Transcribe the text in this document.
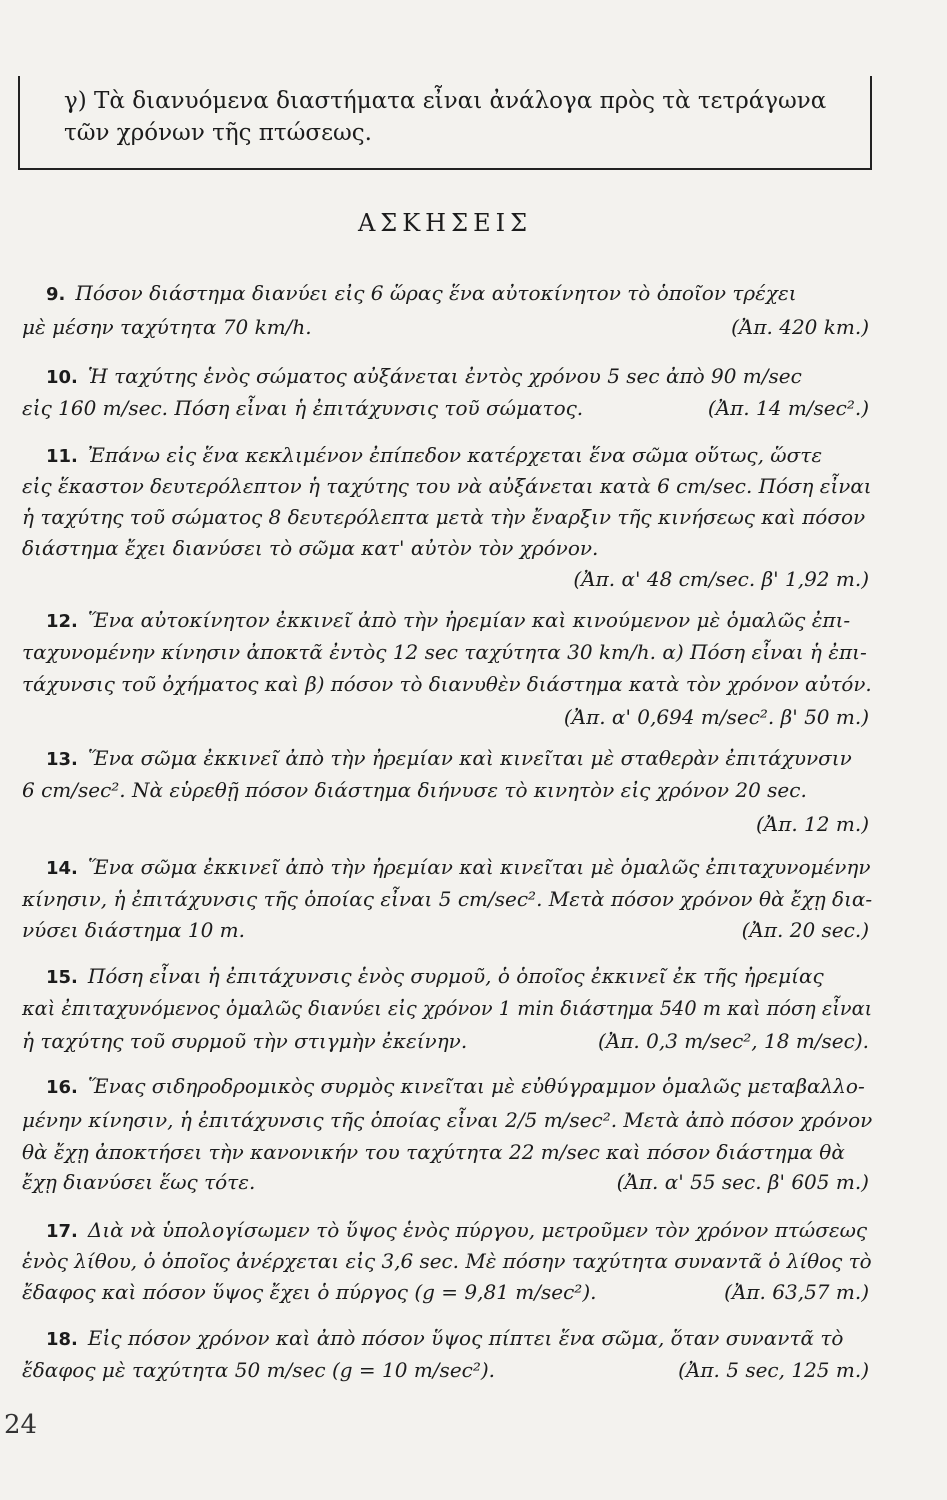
γ) Τὰ διανυόμενα διαστήματα εἶναι ἀνάλογα πρὸς τὰ τετράγωνα
τῶν χρόνων τῆς πτώσεως.
ΑΣΚΗΣΕΙΣ
9. Πόσον διάστημα διανύει εἰς 6 ὥρας ἕνα αὐτοκίνητον τὸ ὁποῖον τρέχει
μὲ μέσην ταχύτητα 70 km/h.	(Ἀπ. 420 km.)
10. Ἡ ταχύτης ἑνὸς σώματος αὐξάνεται ἐντὸς χρόνου 5 sec ἀπὸ 90 m/sec
εἰς 160 m/sec. Πόση εἶναι ἡ ἐπιτάχυνσις τοῦ σώματος.	(Ἀπ. 14 m/sec².)
11. Ἐπάνω εἰς ἕνα κεκλιμένον ἐπίπεδον κατέρχεται ἕνα σῶμα οὕτως, ὥστε
εἰς ἕκαστον δευτερόλεπτον ἡ ταχύτης του νὰ αὐξάνεται κατὰ 6 cm/sec. Πόση εἶναι
ἡ ταχύτης τοῦ σώματος 8 δευτερόλεπτα μετὰ τὴν ἔναρξιν τῆς κινήσεως καὶ πόσον
διάστημα ἔχει διανύσει τὸ σῶμα κατ' αὐτὸν τὸν χρόνον.
(Ἀπ. α' 48 cm/sec. β' 1,92 m.)
12. Ἕνα αὐτοκίνητον ἐκκινεῖ ἀπὸ τὴν ἠρεμίαν καὶ κινούμενον μὲ ὁμαλῶς ἐπι-
ταχυνομένην κίνησιν ἀποκτᾶ ἐντὸς 12 sec ταχύτητα 30 km/h. α) Πόση εἶναι ἡ ἐπι-
τάχυνσις τοῦ ὀχήματος καὶ β) πόσον τὸ διανυθὲν διάστημα κατὰ τὸν χρόνον αὐτόν.
(Ἀπ. α' 0,694 m/sec². β' 50 m.)
13. Ἕνα σῶμα ἐκκινεῖ ἀπὸ τὴν ἠρεμίαν καὶ κινεῖται μὲ σταθερὰν ἐπιτάχυνσιν
6 cm/sec². Νὰ εὑρεθῇ πόσον διάστημα διήνυσε τὸ κινητὸν εἰς χρόνον 20 sec.
(Ἀπ. 12 m.)
14. Ἕνα σῶμα ἐκκινεῖ ἀπὸ τὴν ἠρεμίαν καὶ κινεῖται μὲ ὁμαλῶς ἐπιταχυνομένην
κίνησιν, ἡ ἐπιτάχυνσις τῆς ὁποίας εἶναι 5 cm/sec². Μετὰ πόσον χρόνον θὰ ἔχῃ δια-
νύσει διάστημα 10 m.	(Ἀπ. 20 sec.)
15. Πόση εἶναι ἡ ἐπιτάχυνσις ἑνὸς συρμοῦ, ὁ ὁποῖος ἐκκινεῖ ἐκ τῆς ἠρεμίας
καὶ ἐπιταχυνόμενος ὁμαλῶς διανύει εἰς χρόνον 1 min διάστημα 540 m καὶ πόση εἶναι
ἡ ταχύτης τοῦ συρμοῦ τὴν στιγμὴν ἐκείνην.	(Ἀπ. 0,3 m/sec², 18 m/sec).
16. Ἕνας σιδηροδρομικὸς συρμὸς κινεῖται μὲ εὐθύγραμμον ὁμαλῶς μεταβαλλο-
μένην κίνησιν, ἡ ἐπιτάχυνσις τῆς ὁποίας εἶναι 2/5 m/sec². Μετὰ ἀπὸ πόσον χρόνον
θὰ ἔχῃ ἀποκτήσει τὴν κανονικήν του ταχύτητα 22 m/sec καὶ πόσον διάστημα θὰ
ἔχῃ διανύσει ἕως τότε.	(Ἀπ. α' 55 sec. β' 605 m.)
17. Διὰ νὰ ὑπολογίσωμεν τὸ ὕψος ἑνὸς πύργου, μετροῦμεν τὸν χρόνον πτώσεως
ἑνὸς λίθου, ὁ ὁποῖος ἀνέρχεται εἰς 3,6 sec. Μὲ πόσην ταχύτητα συναντᾶ ὁ λίθος τὸ
ἔδαφος καὶ πόσον ὕψος ἔχει ὁ πύργος (g = 9,81 m/sec²).	(Ἀπ. 63,57 m.)
18. Εἰς πόσον χρόνον καὶ ἀπὸ πόσον ὕψος πίπτει ἕνα σῶμα, ὅταν συναντᾶ τὸ
ἔδαφος μὲ ταχύτητα 50 m/sec (g = 10 m/sec²).	(Ἀπ. 5 sec, 125 m.)
24
